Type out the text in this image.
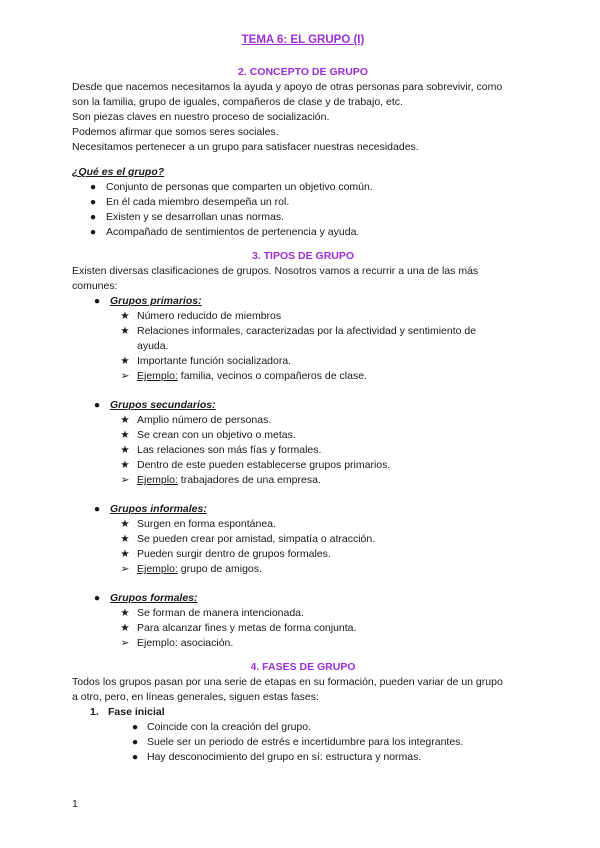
TEMA 6: EL GRUPO (I)
2. CONCEPTO DE GRUPO

Desde que nacemos necesitamos la ayuda y apoyo de otras personas para sobrevivir, como

son la familia, grupo de iguales, compañeros de clase y de trabajo, etc.

Son piezas claves en nuestro proceso de socialización.

Podemos afirmar que somos seres sociales.

Necesitamos pertenecer a un grupo para satisfacer nuestras necesidades.

¿Qué es el grupo?
● Conjunto de personas que comparten un objetivo común.
● En él cada miembro desempeña un rol.
● Existen y se desarrollan unas normas.
● Acompañado de sentimientos de pertenencia y ayuda.
3. TIPOS DE GRUPO

Existen diversas clasificaciones de grupos. Nosotros vamos a recurrir a una de las más

comunes:

● Grupos primarios:
★ Número reducido de miembros
★ Relaciones informales, caracterizadas por la afectividad y sentimiento de
ayuda.
★ Importante función socializadora.
➢ Ejemplo: familia, vecinos o compañeros de clase.
● Grupos secundarios:
★ Amplio número de personas.
★ Se crean con un objetivo o metas.
★ Las relaciones son más fías y formales.
★ Dentro de este pueden establecerse grupos primarios.
➢ Ejemplo: trabajadores de una empresa.
● Grupos informales:
★ Surgen en forma espontánea.
★ Se pueden crear por amistad, simpatía o atracción.
★ Pueden surgir dentro de grupos formales.
➢ Ejemplo: grupo de amigos.
● Grupos formales:
★ Se forman de manera intencionada.
★ Para alcanzar fines y metas de forma conjunta.
➢ Ejemplo: asociación.
4. FASES DE GRUPO

Todos los grupos pasan por una serie de etapas en su formación, pueden variar de un grupo

a otro, pero, en líneas generales, siguen estas fases:

1. Fase inicial
● Coincide con la creación del grupo.
● Suele ser un periodo de estrés e incertidumbre para los integrantes.
● Hay desconocimiento del grupo en sí: estructura y normas.
1
